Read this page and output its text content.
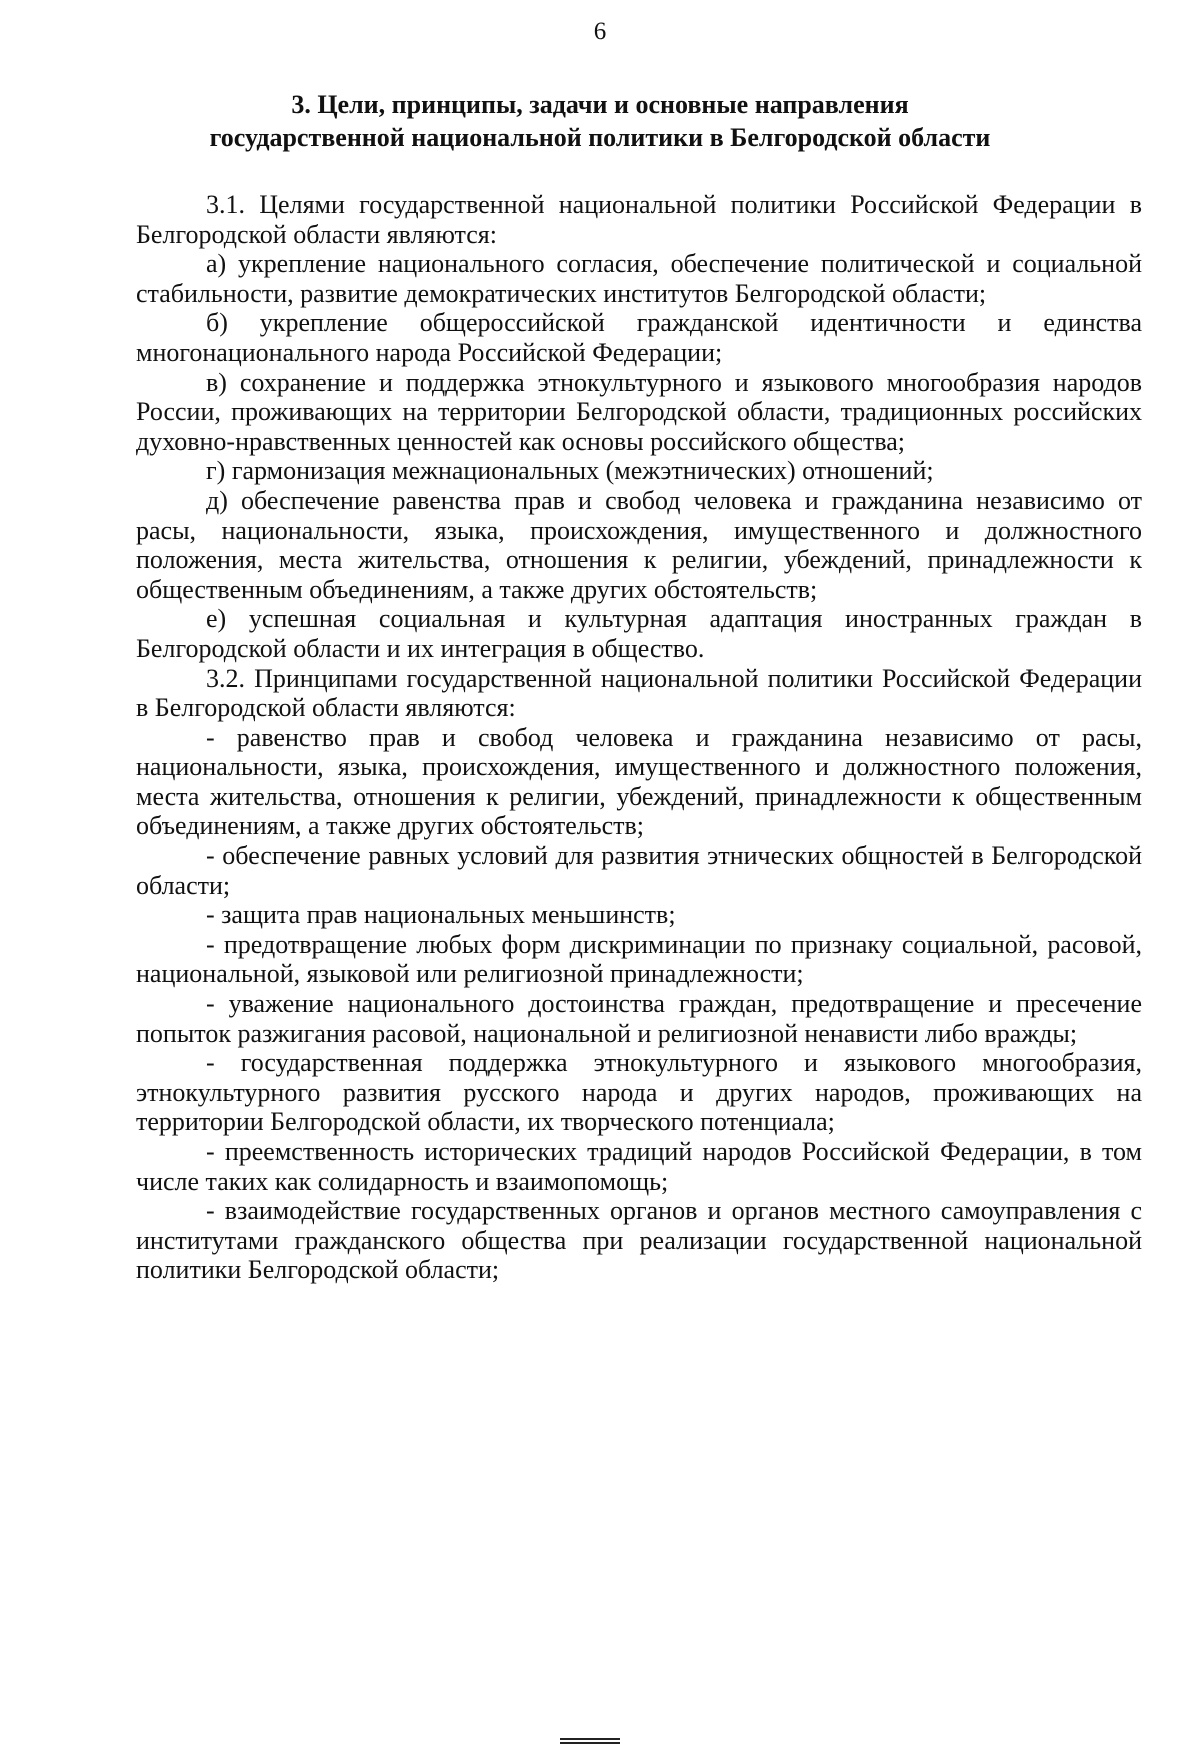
6
3. Цели, принципы, задачи и основные направления
государственной национальной политики в Белгородской области

3.1. Целями государственной национальной политики Российской Федерации в Белгородской области являются:

а) укрепление национального согласия, обеспечение политической и социальной стабильности, развитие демократических институтов Белгородской области;

б) укрепление общероссийской гражданской идентичности и единства многонационального народа Российской Федерации;

в) сохранение и поддержка этнокультурного и языкового многообразия народов России, проживающих на территории Белгородской области, традиционных российских духовно-нравственных ценностей как основы российского общества;

г) гармонизация межнациональных (межэтнических) отношений;

д) обеспечение равенства прав и свобод человека и гражданина независимо от расы, национальности, языка, происхождения, имущественного и должностного положения, места жительства, отношения к религии, убеждений, принадлежности к общественным объединениям, а также других обстоятельств;

е) успешная социальная и культурная адаптация иностранных граждан в Белгородской области и их интеграция в общество.

3.2. Принципами государственной национальной политики Российской Федерации в Белгородской области являются:

- равенство прав и свобод человека и гражданина независимо от расы, национальности, языка, происхождения, имущественного и должностного положения, места жительства, отношения к религии, убеждений, принадлежности к общественным объединениям, а также других обстоятельств;

- обеспечение равных условий для развития этнических общностей в Белгородской области;

- защита прав национальных меньшинств;

- предотвращение любых форм дискриминации по признаку социальной, расовой, национальной, языковой или религиозной принадлежности;

- уважение национального достоинства граждан, предотвращение и пресечение попыток разжигания расовой, национальной и религиозной ненависти либо вражды;

- государственная поддержка этнокультурного и языкового многообразия, этнокультурного развития русского народа и других народов, проживающих на территории Белгородской области, их творческого потенциала;

- преемственность исторических традиций народов Российской Федерации, в том числе таких как солидарность и взаимопомощь;

- взаимодействие государственных органов и органов местного самоуправления с институтами гражданского общества при реализации государственной национальной политики Белгородской области;
